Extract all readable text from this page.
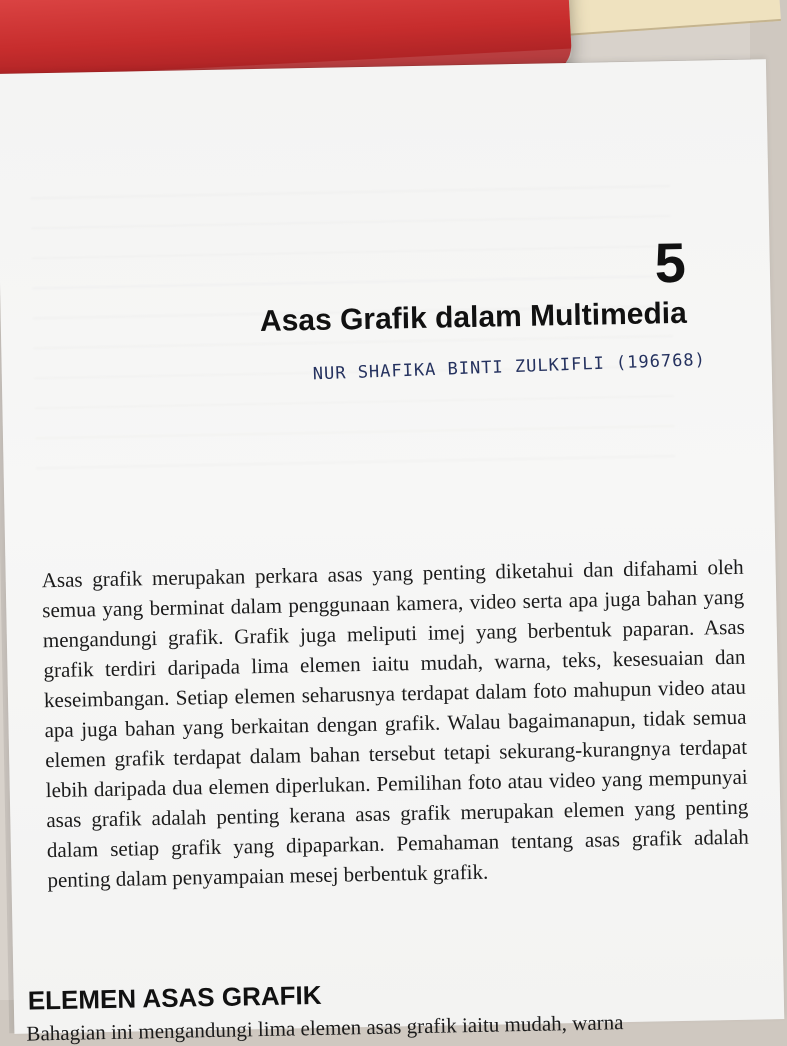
5
Asas Grafik dalam Multimedia
NUR SHAFIKA BINTI ZULKIFLI (196768)

Asas grafik merupakan perkara asas yang penting diketahui dan difahami oleh semua yang berminat dalam penggunaan kamera, video serta apa juga bahan yang mengandungi grafik. Grafik juga meliputi imej yang berbentuk paparan. Asas grafik terdiri daripada lima elemen iaitu mudah, warna, teks, kesesuaian dan keseimbangan. Setiap elemen seharusnya terdapat dalam foto mahupun video atau apa juga bahan yang berkaitan dengan grafik. Walau bagaimanapun, tidak semua elemen grafik terdapat dalam bahan tersebut tetapi sekurang-kurangnya terdapat lebih daripada dua elemen diperlukan. Pemilihan foto atau video yang mempunyai asas grafik adalah penting kerana asas grafik merupakan elemen yang penting dalam setiap grafik yang dipaparkan. Pemahaman tentang asas grafik adalah penting dalam penyampaian mesej berbentuk grafik.

ELEMEN ASAS GRAFIK
Bahagian ini mengandungi lima elemen asas grafik iaitu mudah, warna
